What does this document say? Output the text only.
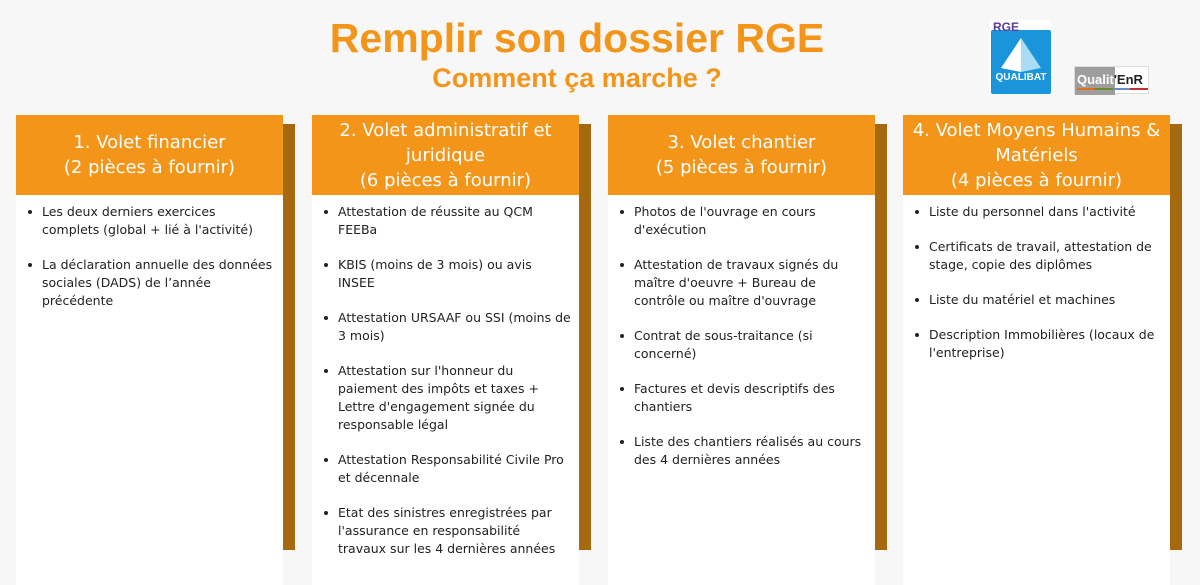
Remplir son dossier RGE
Comment ça marche ?	QUALIBAT
RGE
Qualit'EnR
1. Volet financier
(2 pièces à fournir)
Les deux derniers exercices complets (global + lié à l'activité)
La déclaration annuelle des données sociales (DADS) de l’année précédente
2. Volet administratif et juridique
(6 pièces à fournir)
Attestation de réussite au QCM FEEBa
KBIS (moins de 3 mois) ou avis INSEE
Attestation URSAAF ou SSI (moins de 3 mois)
Attestation sur l'honneur du paiement des impôts et taxes + Lettre d'engagement signée du responsable légal
Attestation Responsabilité Civile Pro et décennale
Etat des sinistres enregistrées par l'assurance en responsabilité travaux sur les 4 dernières années
3. Volet chantier
(5 pièces à fournir)
Photos de l'ouvrage en cours d'exécution
Attestation de travaux signés du maître d'oeuvre + Bureau de contrôle ou maître d'ouvrage
Contrat de sous-traitance (si concerné)
Factures et devis descriptifs des chantiers
Liste des chantiers réalisés au cours des 4 dernières années
4. Volet Moyens Humains & Matériels
(4 pièces à fournir)
Liste du personnel dans l'activité
Certificats de travail, attestation de stage, copie des diplômes
Liste du matériel et machines
Description Immobilières (locaux de l'entreprise)
